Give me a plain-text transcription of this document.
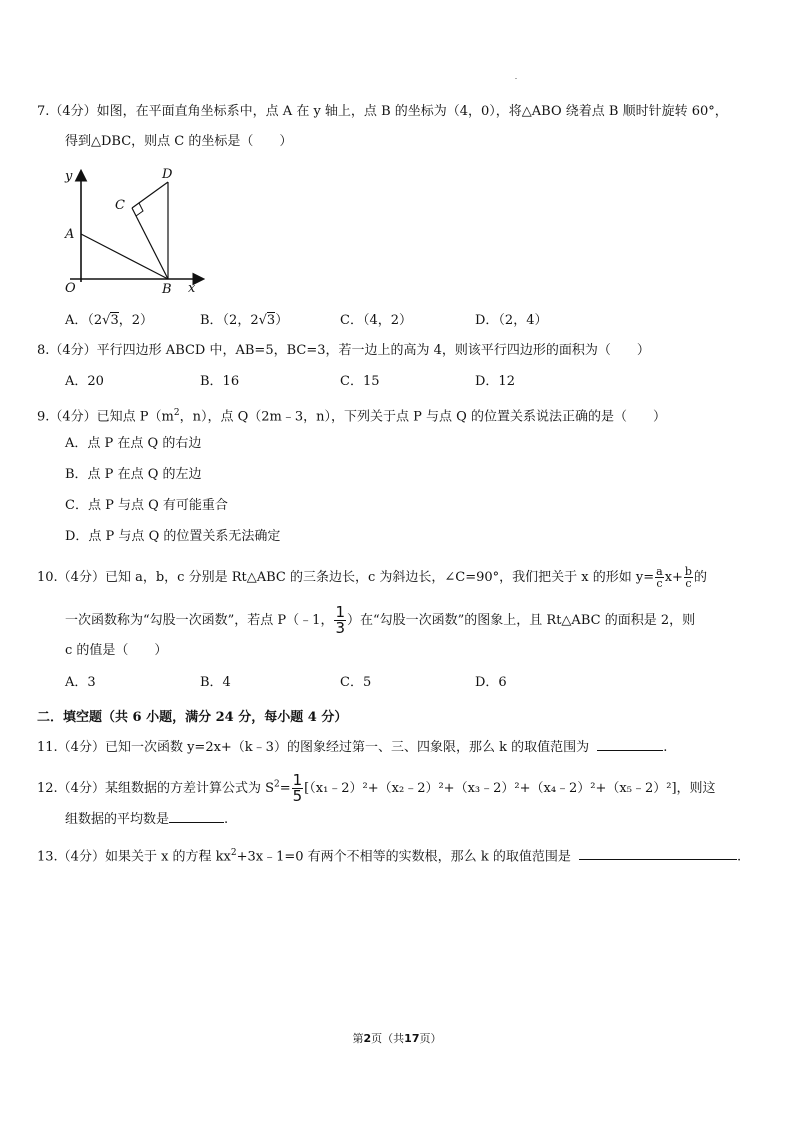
7.（4分）如图，在平面直角坐标系中，点 A 在 y 轴上，点 B 的坐标为（4，0），将△ABO 绕着点 B 顺时针旋转 60°，
得到△DBC，则点 C 的坐标是（　　）
y
x
O
A
B
C
D
A．（2√3，2）	B．（2，2√3）	C．（4，2）	D．（2，4）
8.（4分）平行四边形 ABCD 中，AB=5，BC=3，若一边上的高为 4，则该平行四边形的面积为（　　）
A．20	B．16	C．15	D．12
9.（4分）已知点 $P(m^2$，n），点 Q（2m﹣3，n），下列关于点 P 与点 Q 的位置关系说法正确的是（　　）
A．点 P 在点 Q 的右边
B．点 P 在点 Q 的左边
C．点 P 与点 Q 有可能重合
D．点 P 与点 Q 的位置关系无法确定
10.（4分）已知 a，b，c 分别是 Rt△ABC 的三条边长，c 为斜边长，∠C=90°，我们把关于 x 的形如 $y= \frac{a}{c} x+ \frac{b}{c}$ 的
一次函数称为“勾股一次函数”，若点 P（﹣1， $\frac{1}{3}$ ）在“勾股一次函数”的图象上，且 Rt△ABC 的面积是 2，则
c 的值是（　　）
A．3	B．4	C．5	D．6
二．填空题（共 6 小题，满分 24 分，每小题 4 分）
11.（4分）已知一次函数 y=2x+（k﹣3）的图象经过第一、三、四象限，那么 k 的取值范围为	.
12.（4分）某组数据的方差计算公式为 $S^2= \frac{1}{5}$ [（x₁﹣2）²+（x₂﹣2）²+（x₃﹣2）²+（x₄﹣2）²+（x₅﹣2）²]，则这
组数据的平均数是	.
13.（4分）如果关于 x 的方程 $kx^2+3x﹣1=0$ 有两个不相等的实数根，那么 k 的取值范围是	.
第2页（共17页）
